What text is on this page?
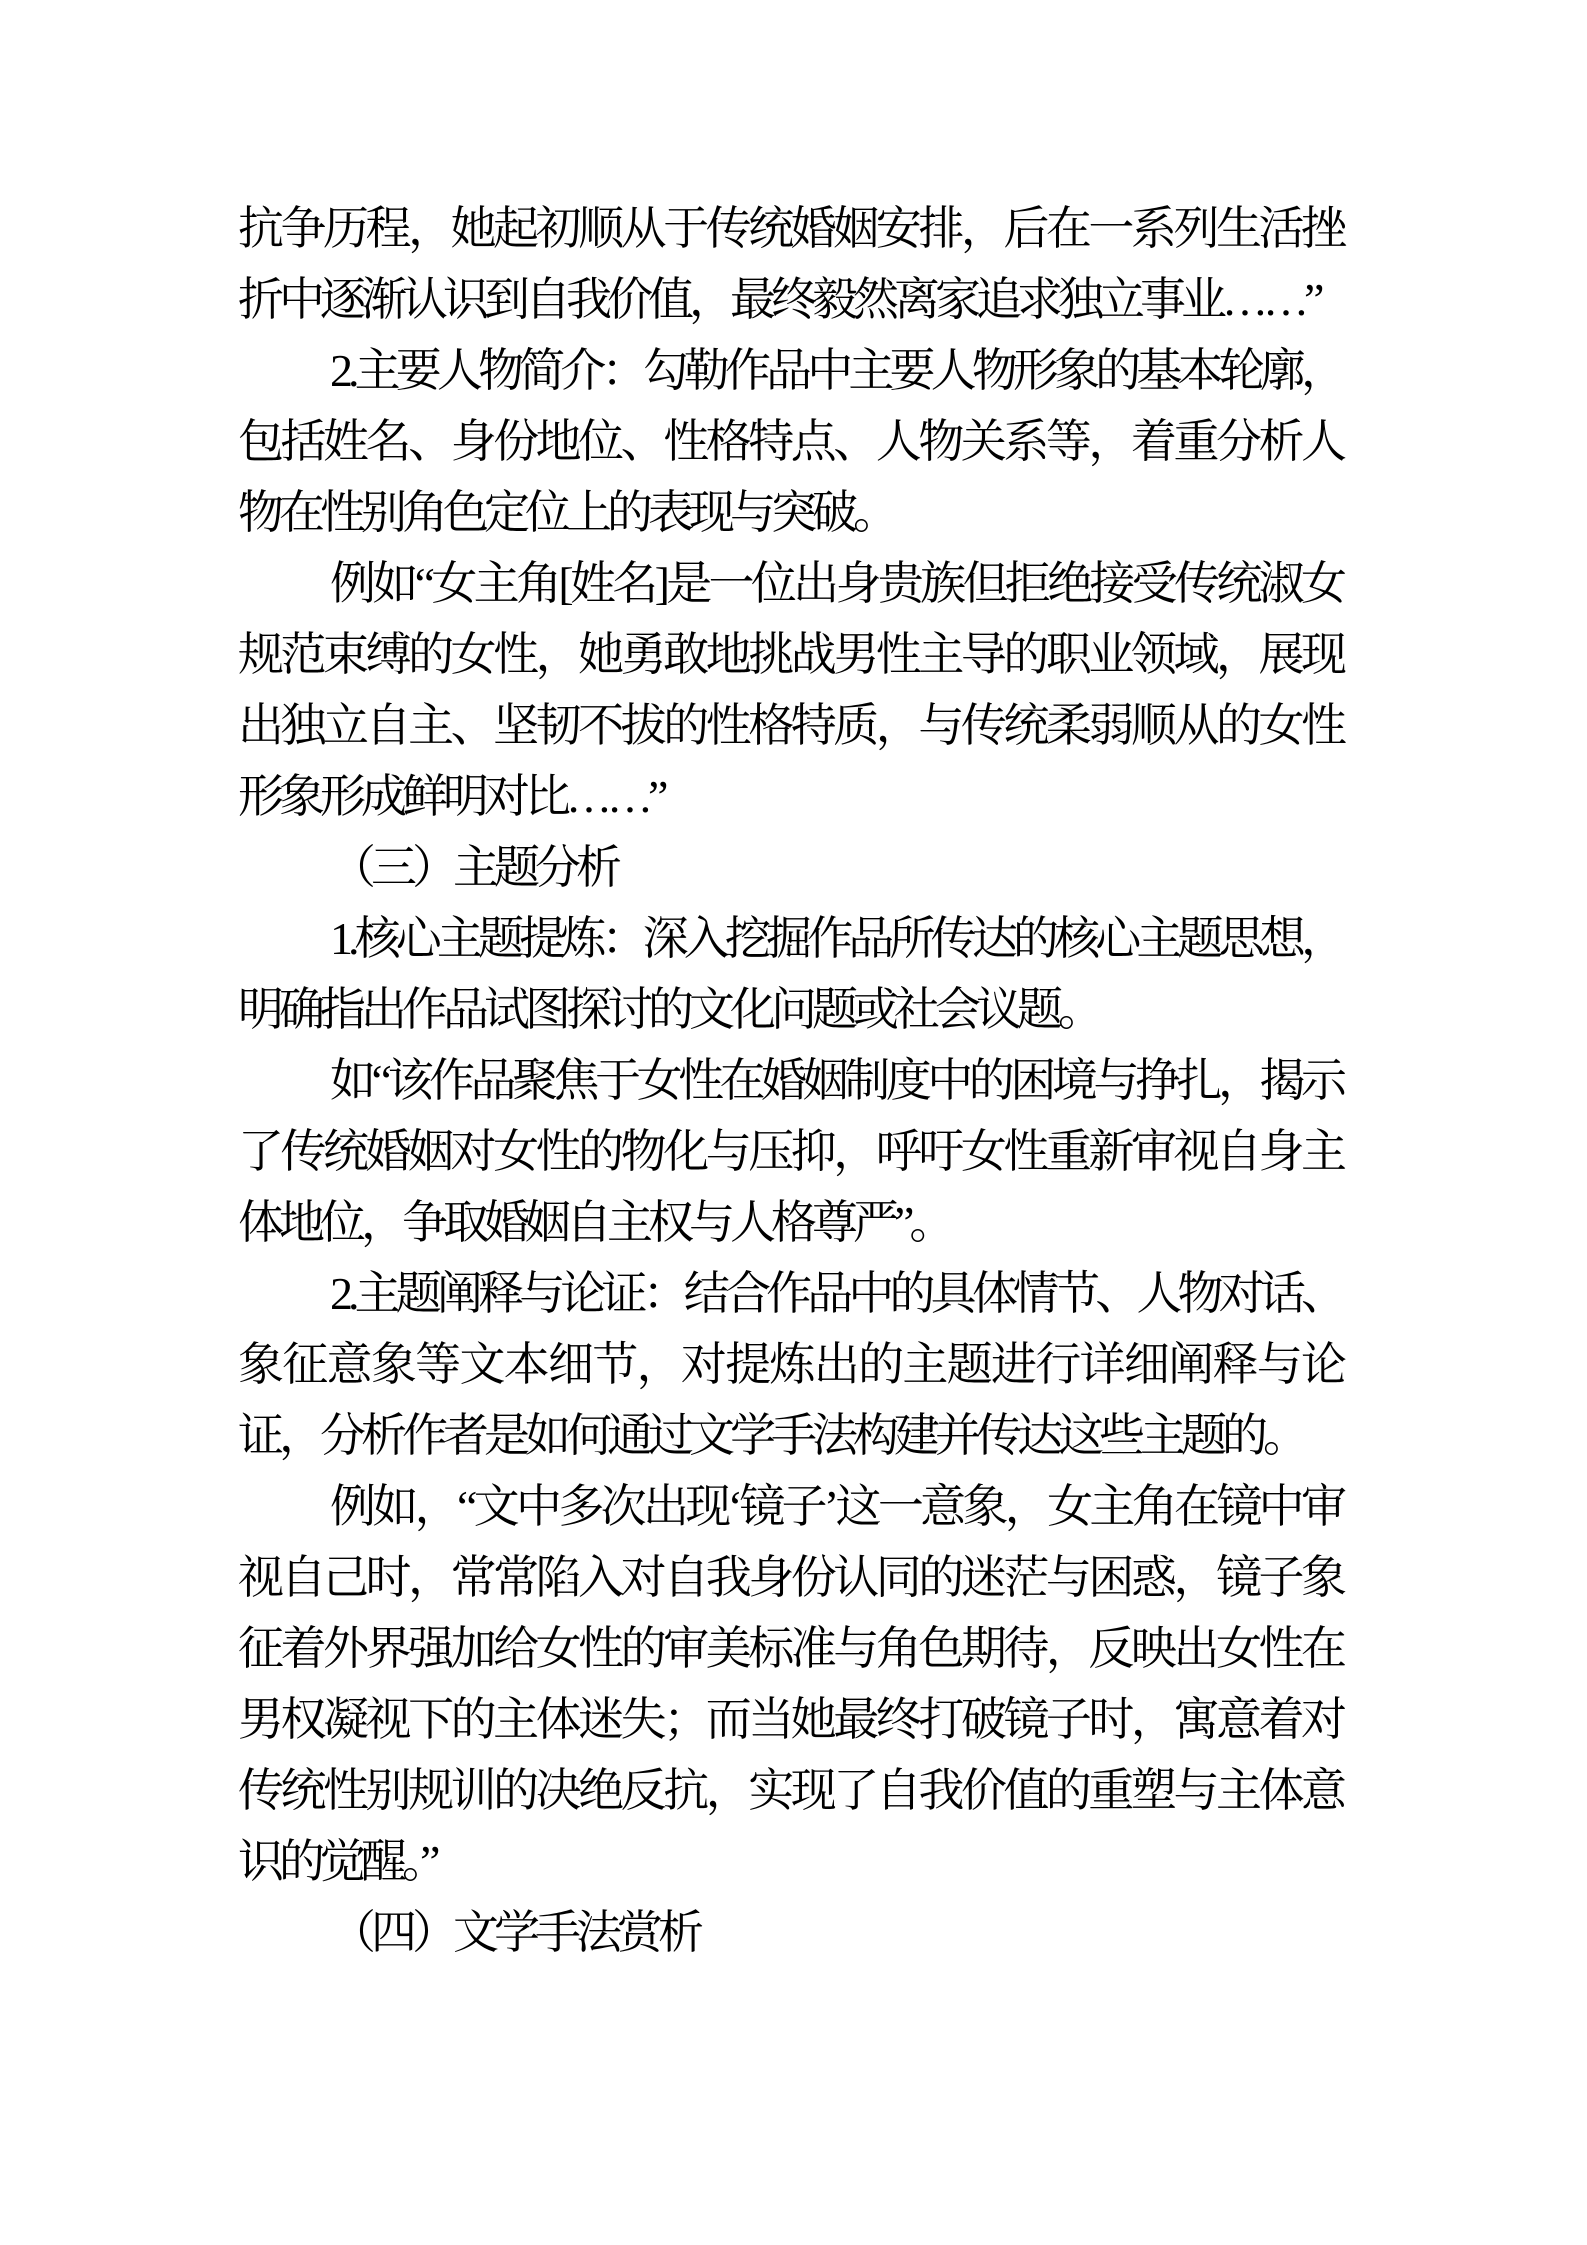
抗争历程，她起初顺从于传统婚姻安排，后在一系列生活挫折中逐渐认识到自我价值，最终毅然离家追求独立事业……”

2.主要人物简介：勾勒作品中主要人物形象的基本轮廓，包括姓名、身份地位、性格特点、人物关系等，着重分析人物在性别角色定位上的表现与突破。

例如“女主角[姓名]是一位出身贵族但拒绝接受传统淑女规范束缚的女性，她勇敢地挑战男性主导的职业领域，展现出独立自主、坚韧不拔的性格特质，与传统柔弱顺从的女性形象形成鲜明对比……”

（三）主题分析

1.核心主题提炼：深入挖掘作品所传达的核心主题思想，明确指出作品试图探讨的文化问题或社会议题。

如“该作品聚焦于女性在婚姻制度中的困境与挣扎，揭示了传统婚姻对女性的物化与压抑，呼吁女性重新审视自身主体地位，争取婚姻自主权与人格尊严”。

2.主题阐释与论证：结合作品中的具体情节、人物对话、象征意象等文本细节，对提炼出的主题进行详细阐释与论证，分析作者是如何通过文学手法构建并传达这些主题的。

例如，“文中多次出现‘镜子’这一意象，女主角在镜中审视自己时，常常陷入对自我身份认同的迷茫与困惑，镜子象征着外界强加给女性的审美标准与角色期待，反映出女性在男权凝视下的主体迷失；而当她最终打破镜子时，寓意着对传统性别规训的决绝反抗，实现了自我价值的重塑与主体意识的觉醒。”

（四）文学手法赏析
